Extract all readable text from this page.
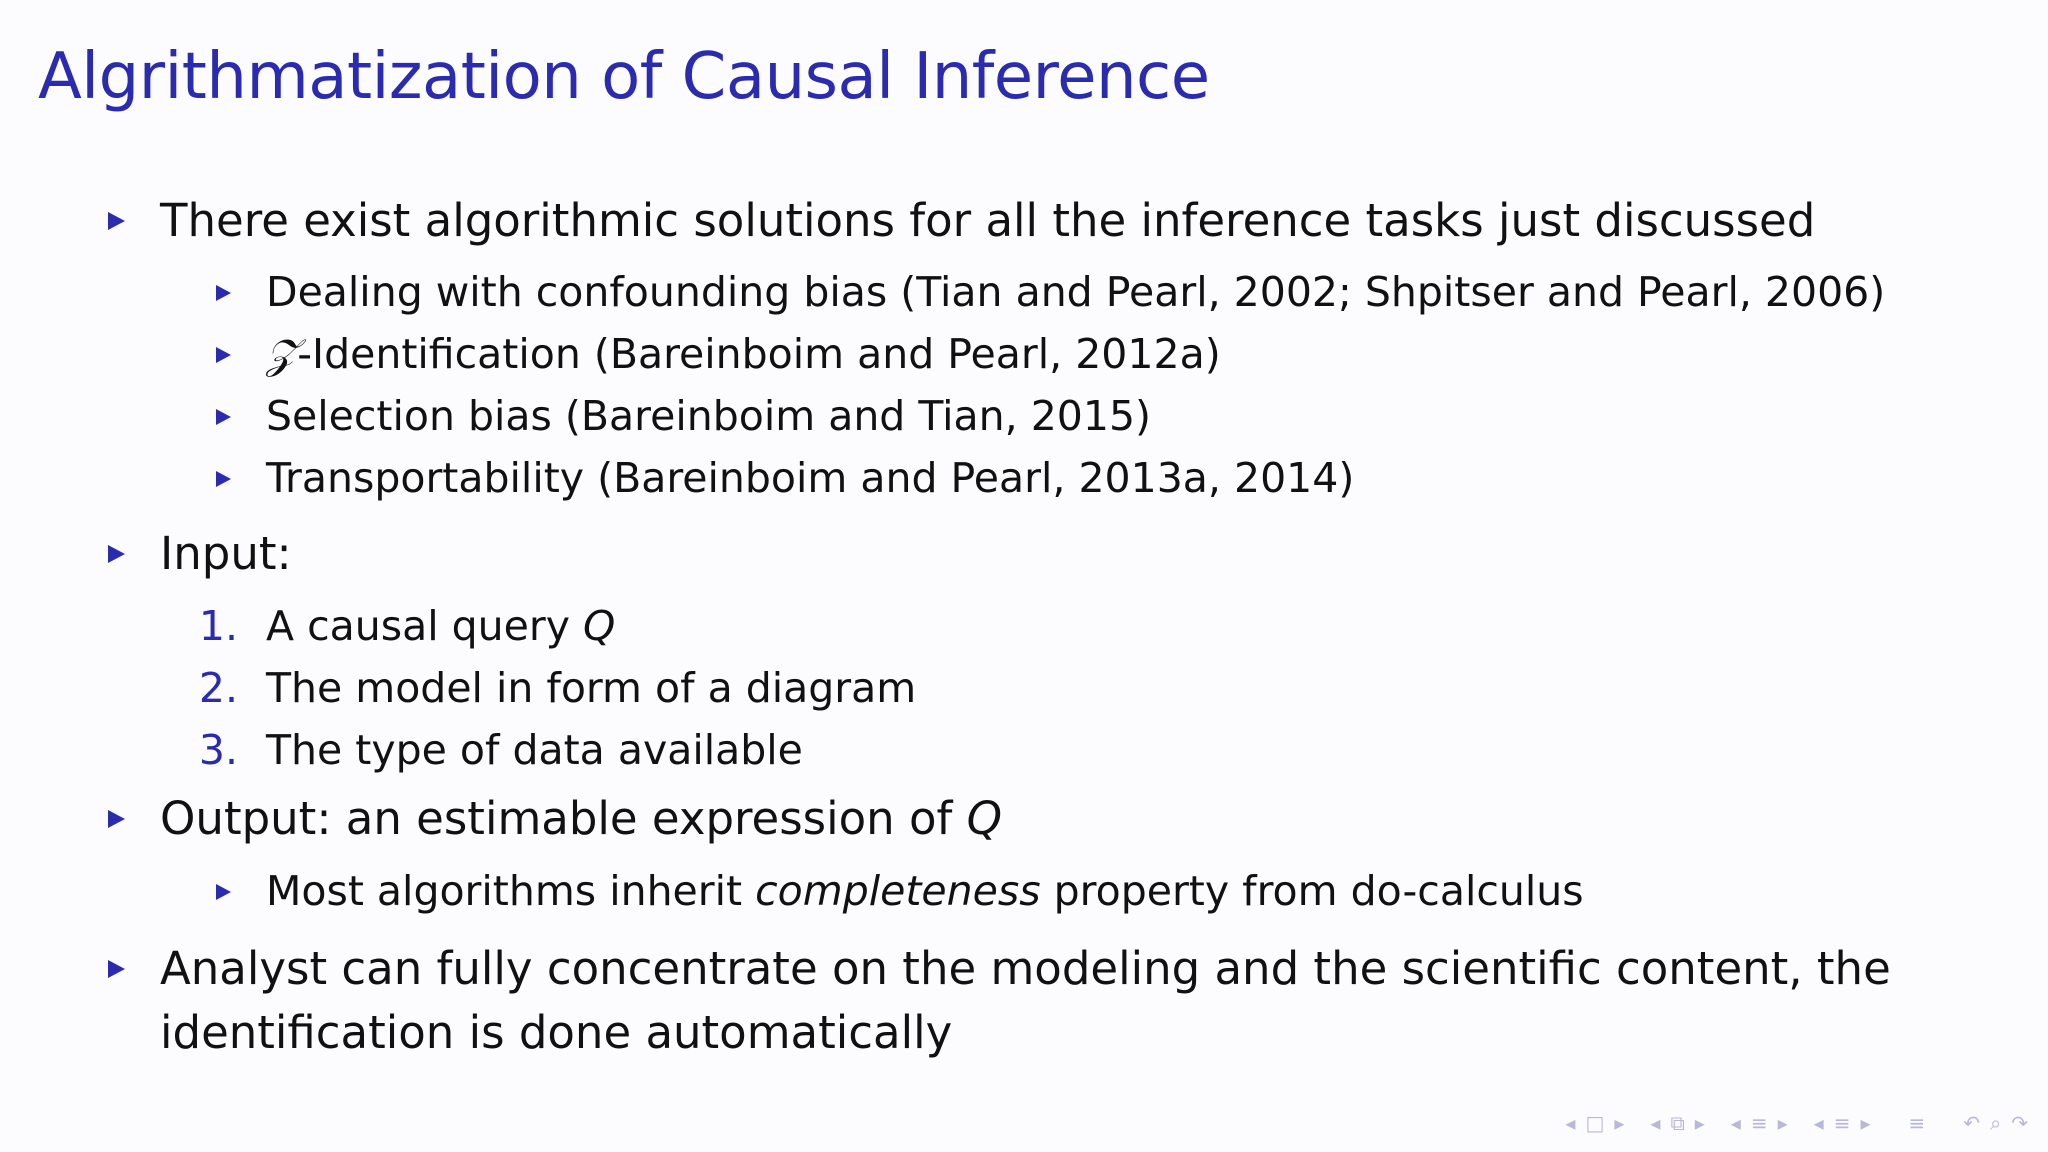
Algrithmatization of Causal Inference
There exist algorithmic solutions for all the inference tasks just discussed
Dealing with confounding bias (Tian and Pearl, 2002; Shpitser and Pearl, 2006)
𝒵-Identification (Bareinboim and Pearl, 2012a)
Selection bias (Bareinboim and Tian, 2015)
Transportability (Bareinboim and Pearl, 2013a, 2014)
Input:
1. A causal query Q
2. The model in form of a diagram
3. The type of data available
Output: an estimable expression of Q
Most algorithms inherit completeness property from do-calculus
Analyst can fully concentrate on the modeling and the scientific content, the
identification is done automatically
◂ □ ▸ ◂ ⧉ ▸ ◂ ≡ ▸ ◂ ≡ ▸ ≡ ↶ ⌕ ↷
